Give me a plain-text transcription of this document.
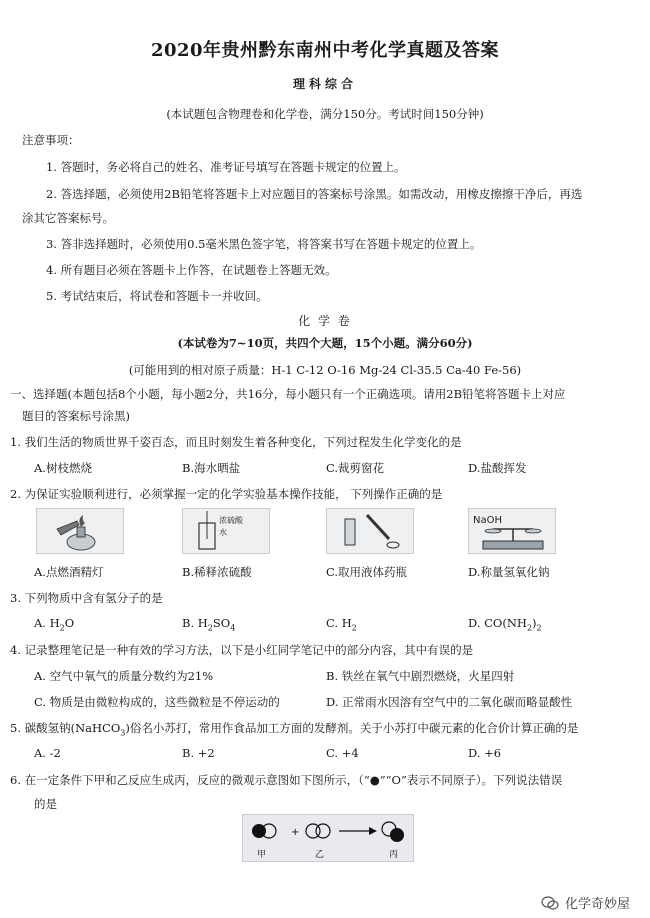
2020年贵州黔东南州中考化学真题及答案
理科综合
(本试题包含物理卷和化学卷，满分150分。考试时间150分钟)
注意事项：
1. 答题时，务必将自己的姓名、准考证号填写在答题卡规定的位置上。
2. 答选择题，必须使用2B铅笔将答题卡上对应题目的答案标号涂黑。如需改动，用橡皮擦擦干净后，再选
涂其它答案标号。
3. 答非选择题时，必须使用0.5毫米黑色签字笔，将答案书写在答题卡规定的位置上。
4. 所有题目必须在答题卡上作答，在试题卷上答题无效。
5. 考试结束后，将试卷和答题卡一并收回。
化 学 卷
(本试卷为7~10页，共四个大题，15个小题。满分60分)
(可能用到的相对原子质量：H-1 C-12 O-16 Mg-24 Cl-35.5 Ca-40 Fe-56)
一、选择题(本题包括8个小题，每小题2分，共16分，每小题只有一个正确选项。请用2B铅笔将答题卡上对应
题目的答案标号涂黑)
1. 我们生活的物质世界千姿百态，而且时刻发生着各种变化，下列过程发生化学变化的是
A.树枝燃烧	B.海水晒盐	C.裁剪窗花	D.盐酸挥发
2. 为保证实验顺利进行，必须掌握一定的化学实验基本操作技能， 下列操作正确的是
浓硫酸
水
NaOH
A.点燃酒精灯	B.稀释浓硫酸	C.取用液体药瓶	D.称量氢氧化钠
3. 下列物质中含有氢分子的是
A. $H_2O$	B. $H_2SO_4$	C. $H_2$	D. $CO(NH_2)_2$
4. 记录整理笔记是一种有效的学习方法，以下是小红同学笔记中的部分内容，其中有误的是
A. 空气中氧气的质量分数约为21%	B. 铁丝在氧气中剧烈燃烧，火星四射
C. 物质是由微粒构成的，这些微粒是不停运动的	D. 正常雨水因溶有空气中的二氧化碳而略显酸性
5. 碳酸氢钠(NaHCO$_3$)俗名小苏打，常用作食品加工方面的发酵剂。关于小苏打中碳元素的化合价计算正确的是
A. -2	B. +2	C. +4	D. +6
6. 在一定条件下甲和乙反应生成丙，反应的微观示意图如下图所示，（“●”“O”表示不同原子）。下列说法错误
的是
+
甲	乙	丙
化学奇妙屋
